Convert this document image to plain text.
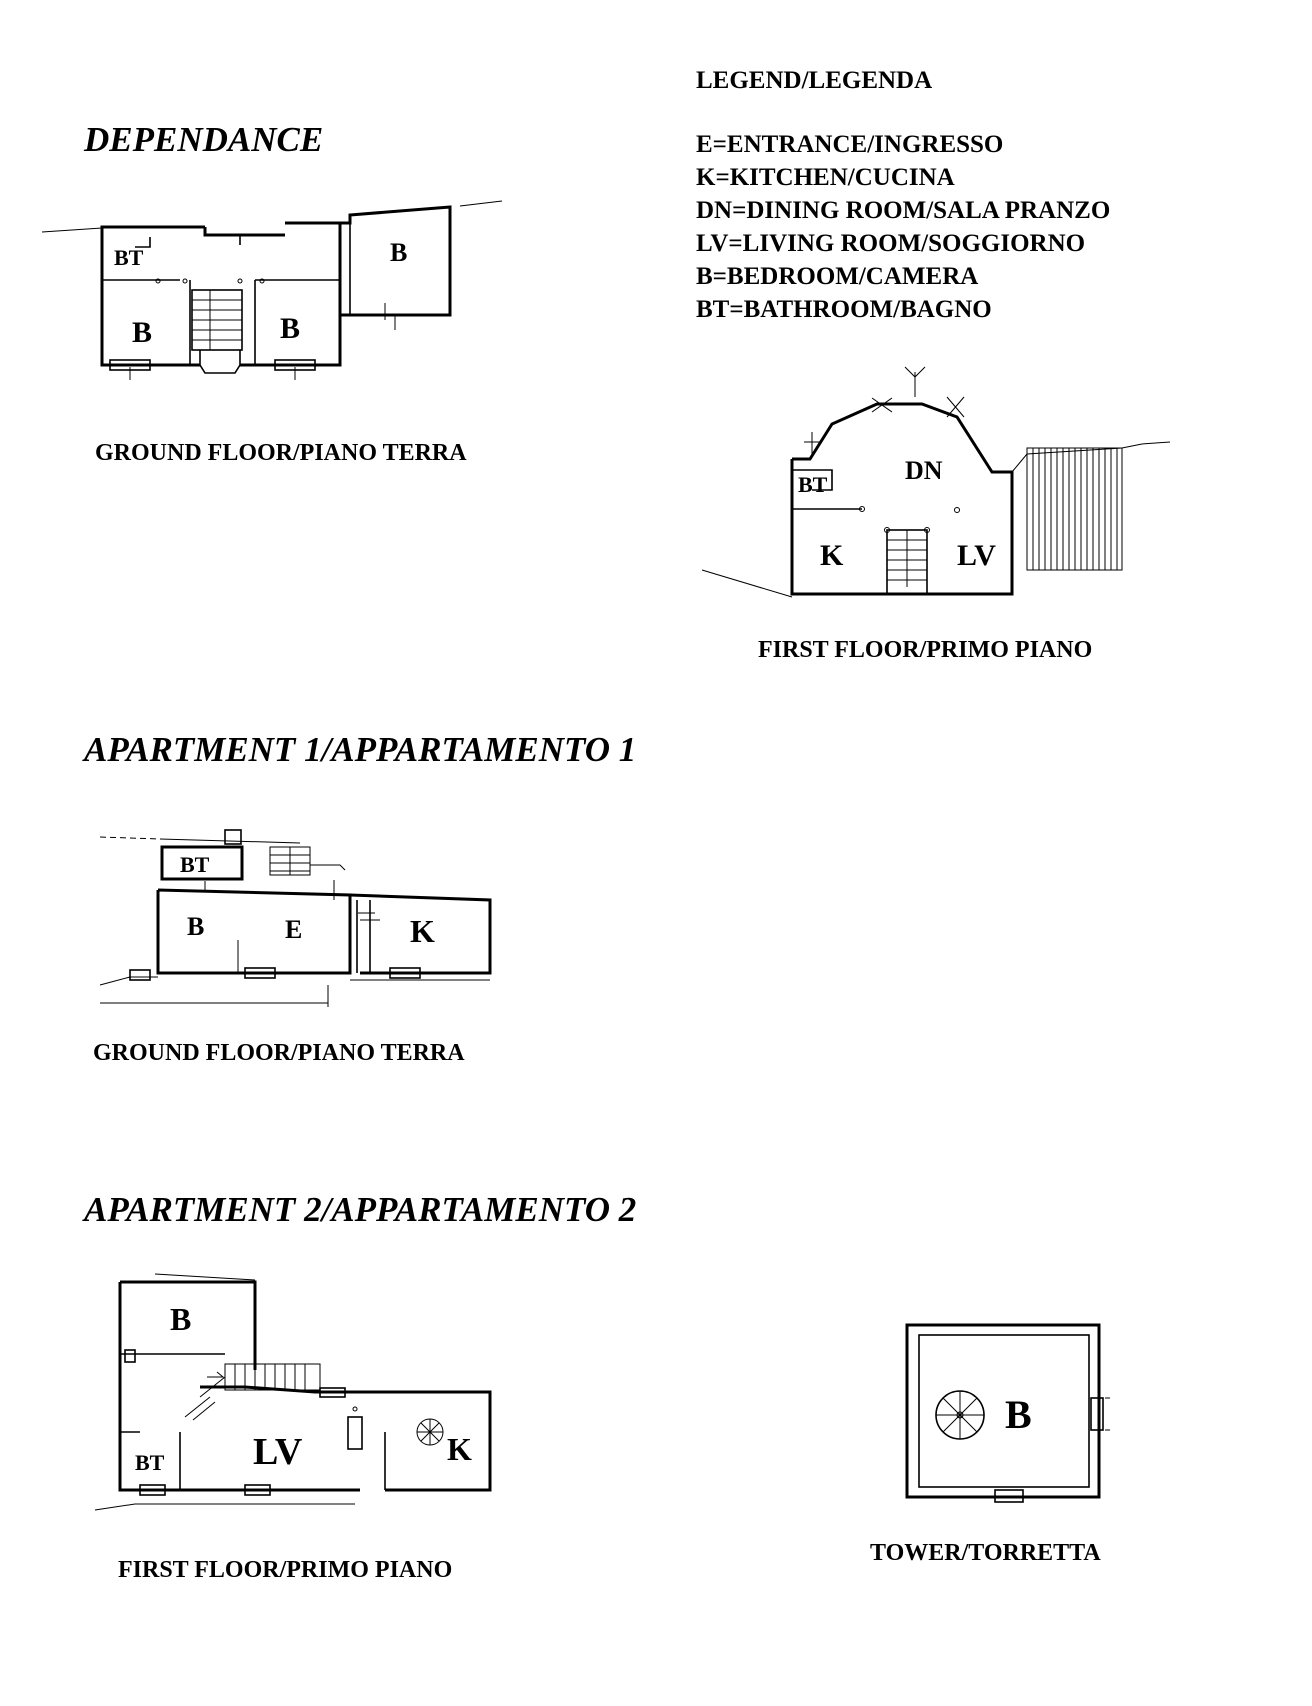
LEGEND/LEGENDA
E=ENTRANCE/INGRESSO
K=KITCHEN/CUCINA
DN=DINING ROOM/SALA PRANZO
LV=LIVING ROOM/SOGGIORNO
B=BEDROOM/CAMERA
BT=BATHROOM/BAGNO
DEPENDANCE
BT
B	B
B
GROUND FLOOR/PIANO TERRA
BT	DN
K	LV
FIRST FLOOR/PRIMO PIANO
APARTMENT 1/APPARTAMENTO 1
BT
B	E	K
GROUND FLOOR/PIANO TERRA
APARTMENT 2/APPARTAMENTO 2
B
BT LV	K
FIRST FLOOR/PRIMO PIANO
B
TOWER/TORRETTA
